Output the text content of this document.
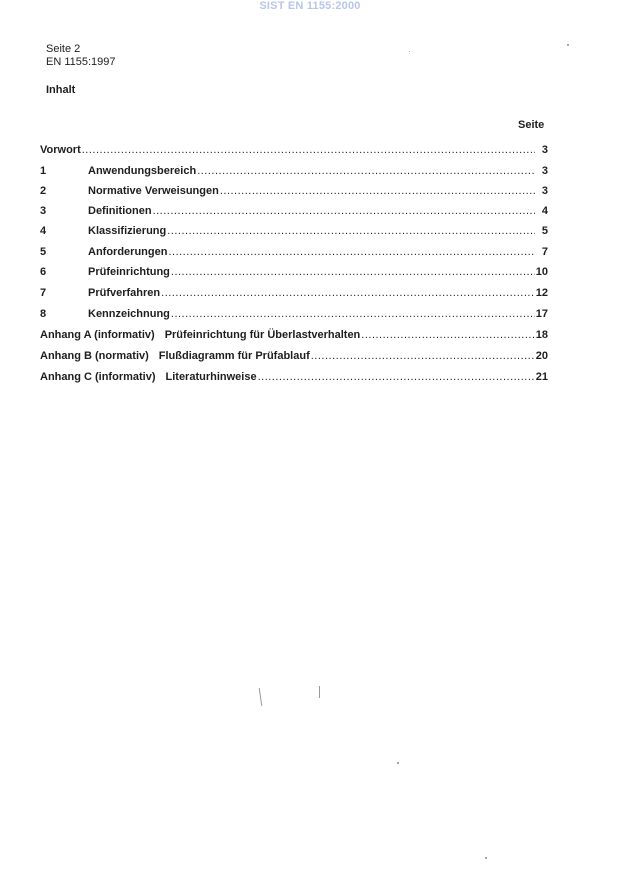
SIST EN 1155:2000
Seite 2
EN 1155:1997
Inhalt
Seite
Vorwort .....	3
1	Anwendungsbereich .....	3
2	Normative Verweisungen .....	3
3	Definitionen .....	4
4	Klassifizierung .....	5
5	Anforderungen .....	7
6	Prüfeinrichtung .....	10
7	Prüfverfahren .....	12
8	Kennzeichnung .....	17
Anhang A (informativ) Prüfeinrichtung für Überlastverhalten .....	18
Anhang B (normativ) Flußdiagramm für Prüfablauf .....	20
Anhang C (informativ) Literaturhinweise .....	21
